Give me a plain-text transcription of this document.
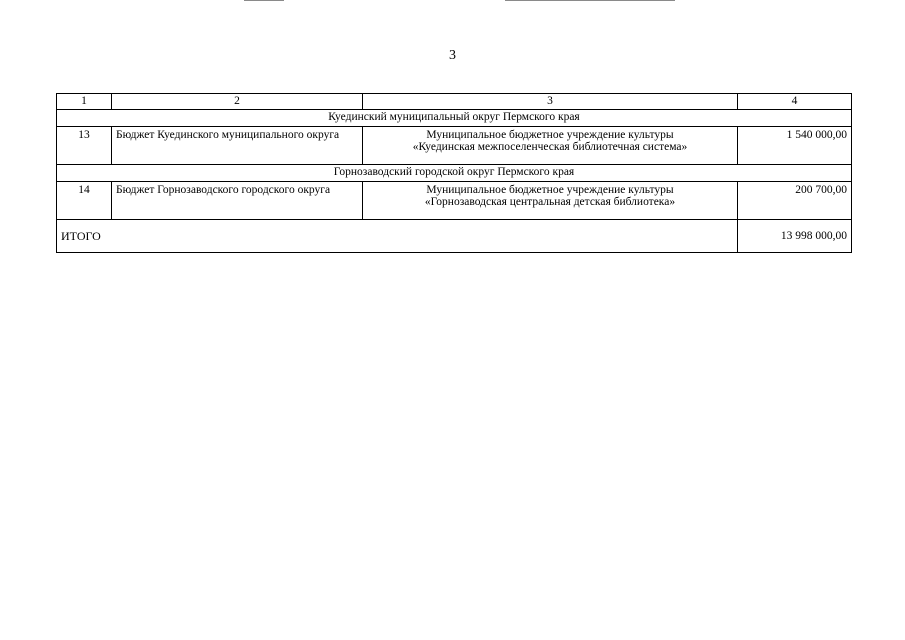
3
1	2	3	4
Куединский муниципальный округ Пермского края			
13	Бюджет Куединского муниципального округа	Муниципальное бюджетное учреждение культуры
«Куединская межпоселенческая библиотечная система»	1 540 000,00
Горнозаводский городской округ Пермского края			
14	Бюджет Горнозаводского городского округа	Муниципальное бюджетное учреждение культуры
«Горнозаводская центральная детская библиотека»	200 700,00
ИТОГО			13 998 000,00
